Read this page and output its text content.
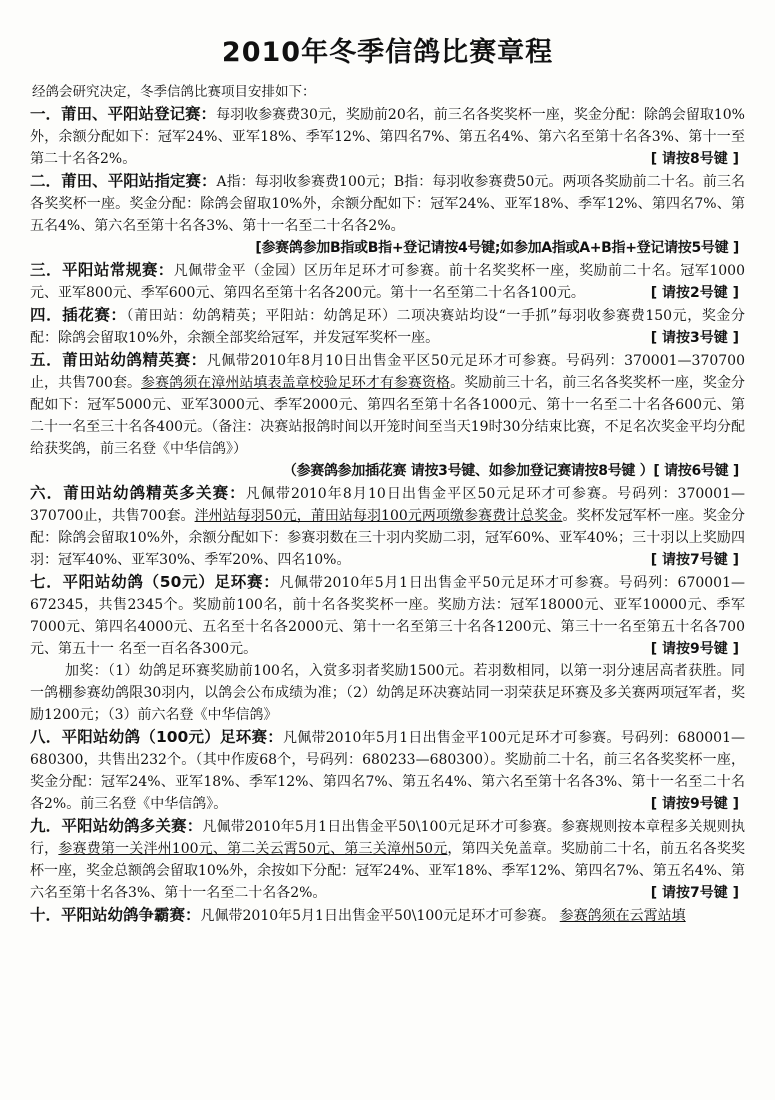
2010年冬季信鸽比赛章程
经鸽会研究决定，冬季信鸽比赛项目安排如下：
一．莆田、平阳站登记赛：每羽收参赛费30元，奖励前20名，前三名各奖奖杯一座，奖金分配：除鸽会留取10%外，余额分配如下：冠军24%、亚军18%、季军12%、第四名7%、第五名4%、第六名至第十名各3%、第十一至第二十名各2%。	[ 请按8号键 ]
二．莆田、平阳站指定赛：A指：每羽收参赛费100元；B指：每羽收参赛费50元。两项各奖励前二十名。前三名各奖奖杯一座。奖金分配：除鸽会留取10%外，余额分配如下：冠军24%、亚军18%、季军12%、第四名7%、第五名4%、第六名至第十名各3%、第十一名至二十名各2%。
[参赛鸽参加B指或B指+登记请按4号键;如参加A指或A+B指+登记请按5号键 ]
三．平阳站常规赛：凡佩带金平（金园）区历年足环才可参赛。前十名奖奖杯一座，奖励前二十名。冠军1000元、亚军800元、季军600元、第四名至第十名各200元。第十一名至第二十名各100元。	[ 请按2号键 ]
四．插花赛：（莆田站：幼鸽精英；平阳站：幼鸽足环）二项决赛站均设“一手抓”每羽收参赛费150元，奖金分配：除鸽会留取10%外，余额全部奖给冠军，并发冠军奖杯一座。	[ 请按3号键 ]
五．莆田站幼鸽精英赛：凡佩带2010年8月10日出售金平区50元足环才可参赛。号码列：370001—370700止，共售700套。参赛鸽须在漳州站填表盖章校验足环才有参赛资格。奖励前三十名，前三名各奖奖杯一座，奖金分配如下：冠军5000元、亚军3000元、季军2000元、第四名至第十名各1000元、第十一名至二十名各600元、第二十一名至三十名各400元。（备注：决赛站报鸽时间以开笼时间至当天19时30分结束比赛，不足名次奖金平均分配给获奖鸽，前三名登《中华信鸽》）
（参赛鸽参加插花赛 请按3号键、如参加登记赛请按8号键 ）[ 请按6号键 ]
六．莆田站幼鸽精英多关赛：凡佩带2010年8月10日出售金平区50元足环才可参赛。号码列：370001—370700止，共售700套。泮州站每羽50元，莆田站每羽100元两项缴参赛费计总奖金。奖杯发冠军杯一座。奖金分配：除鸽会留取10%外，余额分配如下：参赛羽数在三十羽内奖励二羽，冠军60%、亚军40%；三十羽以上奖励四羽：冠军40%、亚军30%、季军20%、四名10%。	[ 请按7号键 ]
七．平阳站幼鸽（50元）足环赛：凡佩带2010年5月1日出售金平50元足环才可参赛。号码列：670001—672345，共售2345个。奖励前100名，前十名各奖奖杯一座。奖励方法：冠军18000元、亚军10000元、季军7000元、第四名4000元、五名至十名各2000元、第十一名至第三十名各1200元、第三十一名至第五十名各700元、第五十一 名至一百名各300元。	[ 请按9号键 ]
加奖：（1）幼鸽足环赛奖励前100名，入赏多羽者奖励1500元。若羽数相同，以第一羽分速居高者获胜。同一鸽棚参赛幼鸽限30羽内，以鸽会公布成绩为准；（2）幼鸽足环决赛站同一羽荣获足环赛及多关赛两项冠军者，奖励1200元；（3）前六名登《中华信鸽》
八．平阳站幼鸽（100元）足环赛：凡佩带2010年5月1日出售金平100元足环才可参赛。号码列：680001—680300，共售出232个。（其中作废68个，号码列：680233—680300）。奖励前二十名，前三名各奖奖杯一座，奖金分配：冠军24%、亚军18%、季军12%、第四名7%、第五名4%、第六名至第十名各3%、第十一名至二十名各2%。前三名登《中华信鸽》。	[ 请按9号键 ]
九．平阳站幼鸽多关赛：凡佩带2010年5月1日出售金平50\100元足环才可参赛。参赛规则按本章程多关规则执行，参赛费第一关泮州100元、第二关云霄50元、第三关漳州50元，第四关免盖章。奖励前二十名，前五名各奖奖杯一座，奖金总额鸽会留取10%外，余按如下分配：冠军24%、亚军18%、季军12%、第四名7%、第五名4%、第六名至第十名各3%、第十一名至二十名各2%。	[ 请按7号键 ]
十．平阳站幼鸽争霸赛：凡佩带2010年5月1日出售金平50\100元足环才可参赛。 参赛鸽须在云霄站填
